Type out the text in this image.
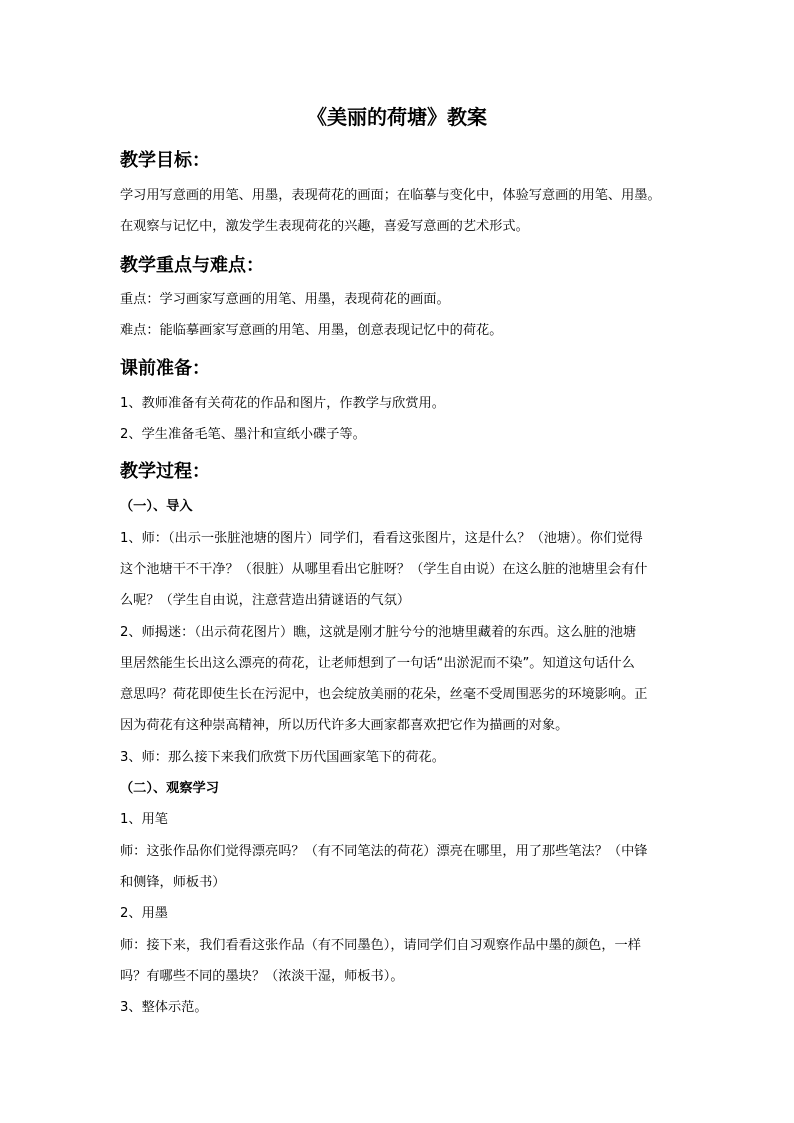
《美丽的荷塘》教案
教学目标：
学习用写意画的用笔、用墨，表现荷花的画面；在临摹与变化中，体验写意画的用笔、用墨。
在观察与记忆中，激发学生表现荷花的兴趣，喜爱写意画的艺术形式。
教学重点与难点：
重点：学习画家写意画的用笔、用墨，表现荷花的画面。
难点：能临摹画家写意画的用笔、用墨，创意表现记忆中的荷花。
课前准备：
1、教师准备有关荷花的作品和图片，作教学与欣赏用。
2、学生准备毛笔、墨汁和宣纸小碟子等。
教学过程：
（一）、导入
1、师：（出示一张脏池塘的图片）同学们，看看这张图片，这是什么？（池塘）。你们觉得
这个池塘干不干净？（很脏）从哪里看出它脏呀？（学生自由说）在这么脏的池塘里会有什
么呢？（学生自由说，注意营造出猜谜语的气氛）
2、师揭迷：（出示荷花图片）瞧，这就是刚才脏兮兮的池塘里藏着的东西。这么脏的池塘
里居然能生长出这么漂亮的荷花，让老师想到了一句话“出淤泥而不染”。知道这句话什么
意思吗？荷花即使生长在污泥中，也会绽放美丽的花朵，丝毫不受周围恶劣的环境影响。正
因为荷花有这种崇高精神，所以历代许多大画家都喜欢把它作为描画的对象。
3、师：那么接下来我们欣赏下历代国画家笔下的荷花。
（二）、观察学习
1、用笔
师：这张作品你们觉得漂亮吗？（有不同笔法的荷花）漂亮在哪里，用了那些笔法？（中锋
和侧锋，师板书）
2、用墨
师：接下来，我们看看这张作品（有不同墨色），请同学们自习观察作品中墨的颜色，一样
吗？有哪些不同的墨块？（浓淡干湿，师板书）。
3、整体示范。
